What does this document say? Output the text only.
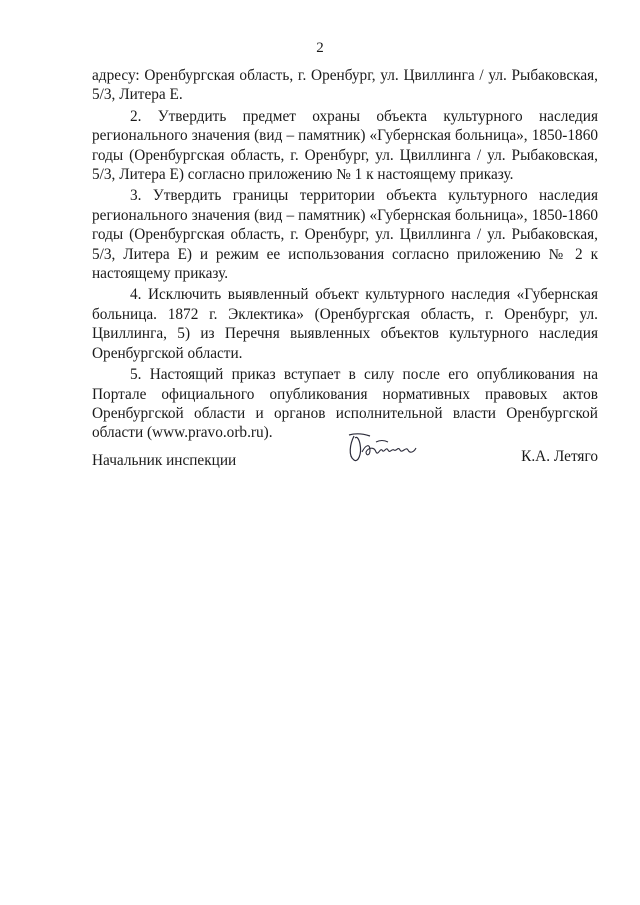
2

адресу: Оренбургская область, г. Оренбург, ул. Цвиллинга / ул. Рыбаковская, 5/3, Литера Е.

2. Утвердить предмет охраны объекта культурного наследия регионального значения (вид – памятник) «Губернская больница», 1850-1860 годы (Оренбургская область, г. Оренбург, ул. Цвиллинга / ул. Рыбаковская, 5/3, Литера Е) согласно приложению № 1 к настоящему приказу.

3. Утвердить границы территории объекта культурного наследия регионального значения (вид – памятник) «Губернская больница», 1850-1860 годы (Оренбургская область, г. Оренбург, ул. Цвиллинга / ул. Рыбаковская, 5/3, Литера Е) и режим ее использования согласно приложению № 2 к настоящему приказу.

4. Исключить выявленный объект культурного наследия «Губернская больница. 1872 г. Эклектика» (Оренбургская область, г. Оренбург, ул. Цвиллинга, 5) из Перечня выявленных объектов культурного наследия Оренбургской области.

5. Настоящий приказ вступает в силу после его опубликования на Портале официального опубликования нормативных правовых актов Оренбургской области и органов исполнительной власти Оренбургской области (www.pravo.orb.ru).

Начальник инспекции	К.А. Летяго
